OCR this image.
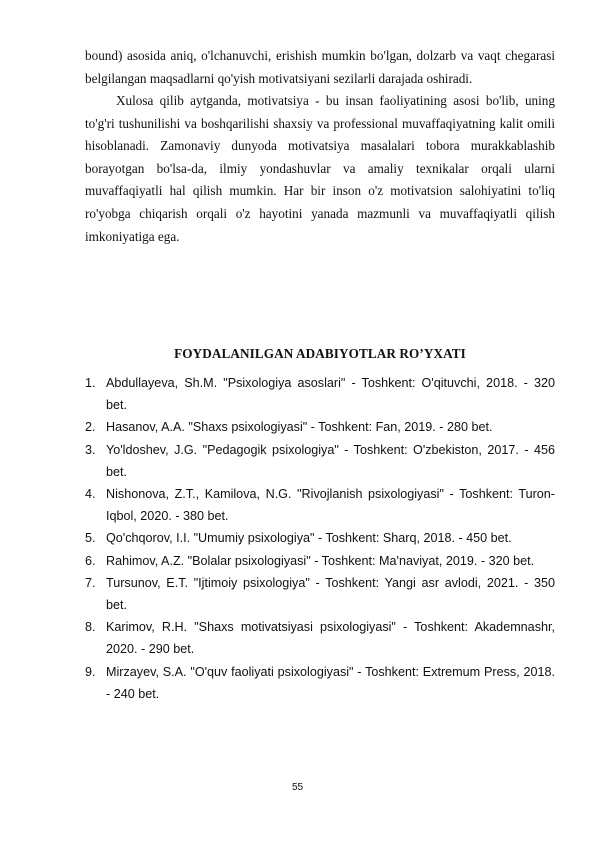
bound) asosida aniq, o'lchanuvchi, erishish mumkin bo'lgan, dolzarb va vaqt chegarasi belgilangan maqsadlarni qo'yish motivatsiyani sezilarli darajada oshiradi.

Xulosa qilib aytganda, motivatsiya - bu insan faoliyatining asosi bo'lib, uning to'g'ri tushunilishi va boshqarilishi shaxsiy va professional muvaffaqiyatning kalit omili hisoblanadi. Zamonaviy dunyoda motivatsiya masalalari tobora murakkablashib borayotgan bo'lsa-da, ilmiy yondashuvlar va amaliy texnikalar orqali ularni muvaffaqiyatli hal qilish mumkin. Har bir inson o'z motivatsion salohiyatini to'liq ro'yobga chiqarish orqali o'z hayotini yanada mazmunli va muvaffaqiyatli qilish imkoniyatiga ega.

FOYDALANILGAN ADABIYOTLAR RO’YXATI
1. Abdullayeva, Sh.M. "Psixologiya asoslari" - Toshkent: O'qituvchi, 2018. - 320 bet.
2. Hasanov, A.A. "Shaxs psixologiyasi" - Toshkent: Fan, 2019. - 280 bet.
3. Yo'ldoshev, J.G. "Pedagogik psixologiya" - Toshkent: O'zbekiston, 2017. - 456 bet.
4. Nishonova, Z.T., Kamilova, N.G. "Rivojlanish psixologiyasi" - Toshkent: Turon-Iqbol, 2020. - 380 bet.
5. Qo'chqorov, I.I. "Umumiy psixologiya" - Toshkent: Sharq, 2018. - 450 bet.
6. Rahimov, A.Z. "Bolalar psixologiyasi" - Toshkent: Ma'naviyat, 2019. - 320 bet.
7. Tursunov, E.T. "Ijtimoiy psixologiya" - Toshkent: Yangi asr avlodi, 2021. - 350 bet.
8. Karimov, R.H. "Shaxs motivatsiyasi psixologiyasi" - Toshkent: Akademnashr, 2020. - 290 bet.
9. Mirzayev, S.A. "O'quv faoliyati psixologiyasi" - Toshkent: Extremum Press, 2018. - 240 bet.
55
